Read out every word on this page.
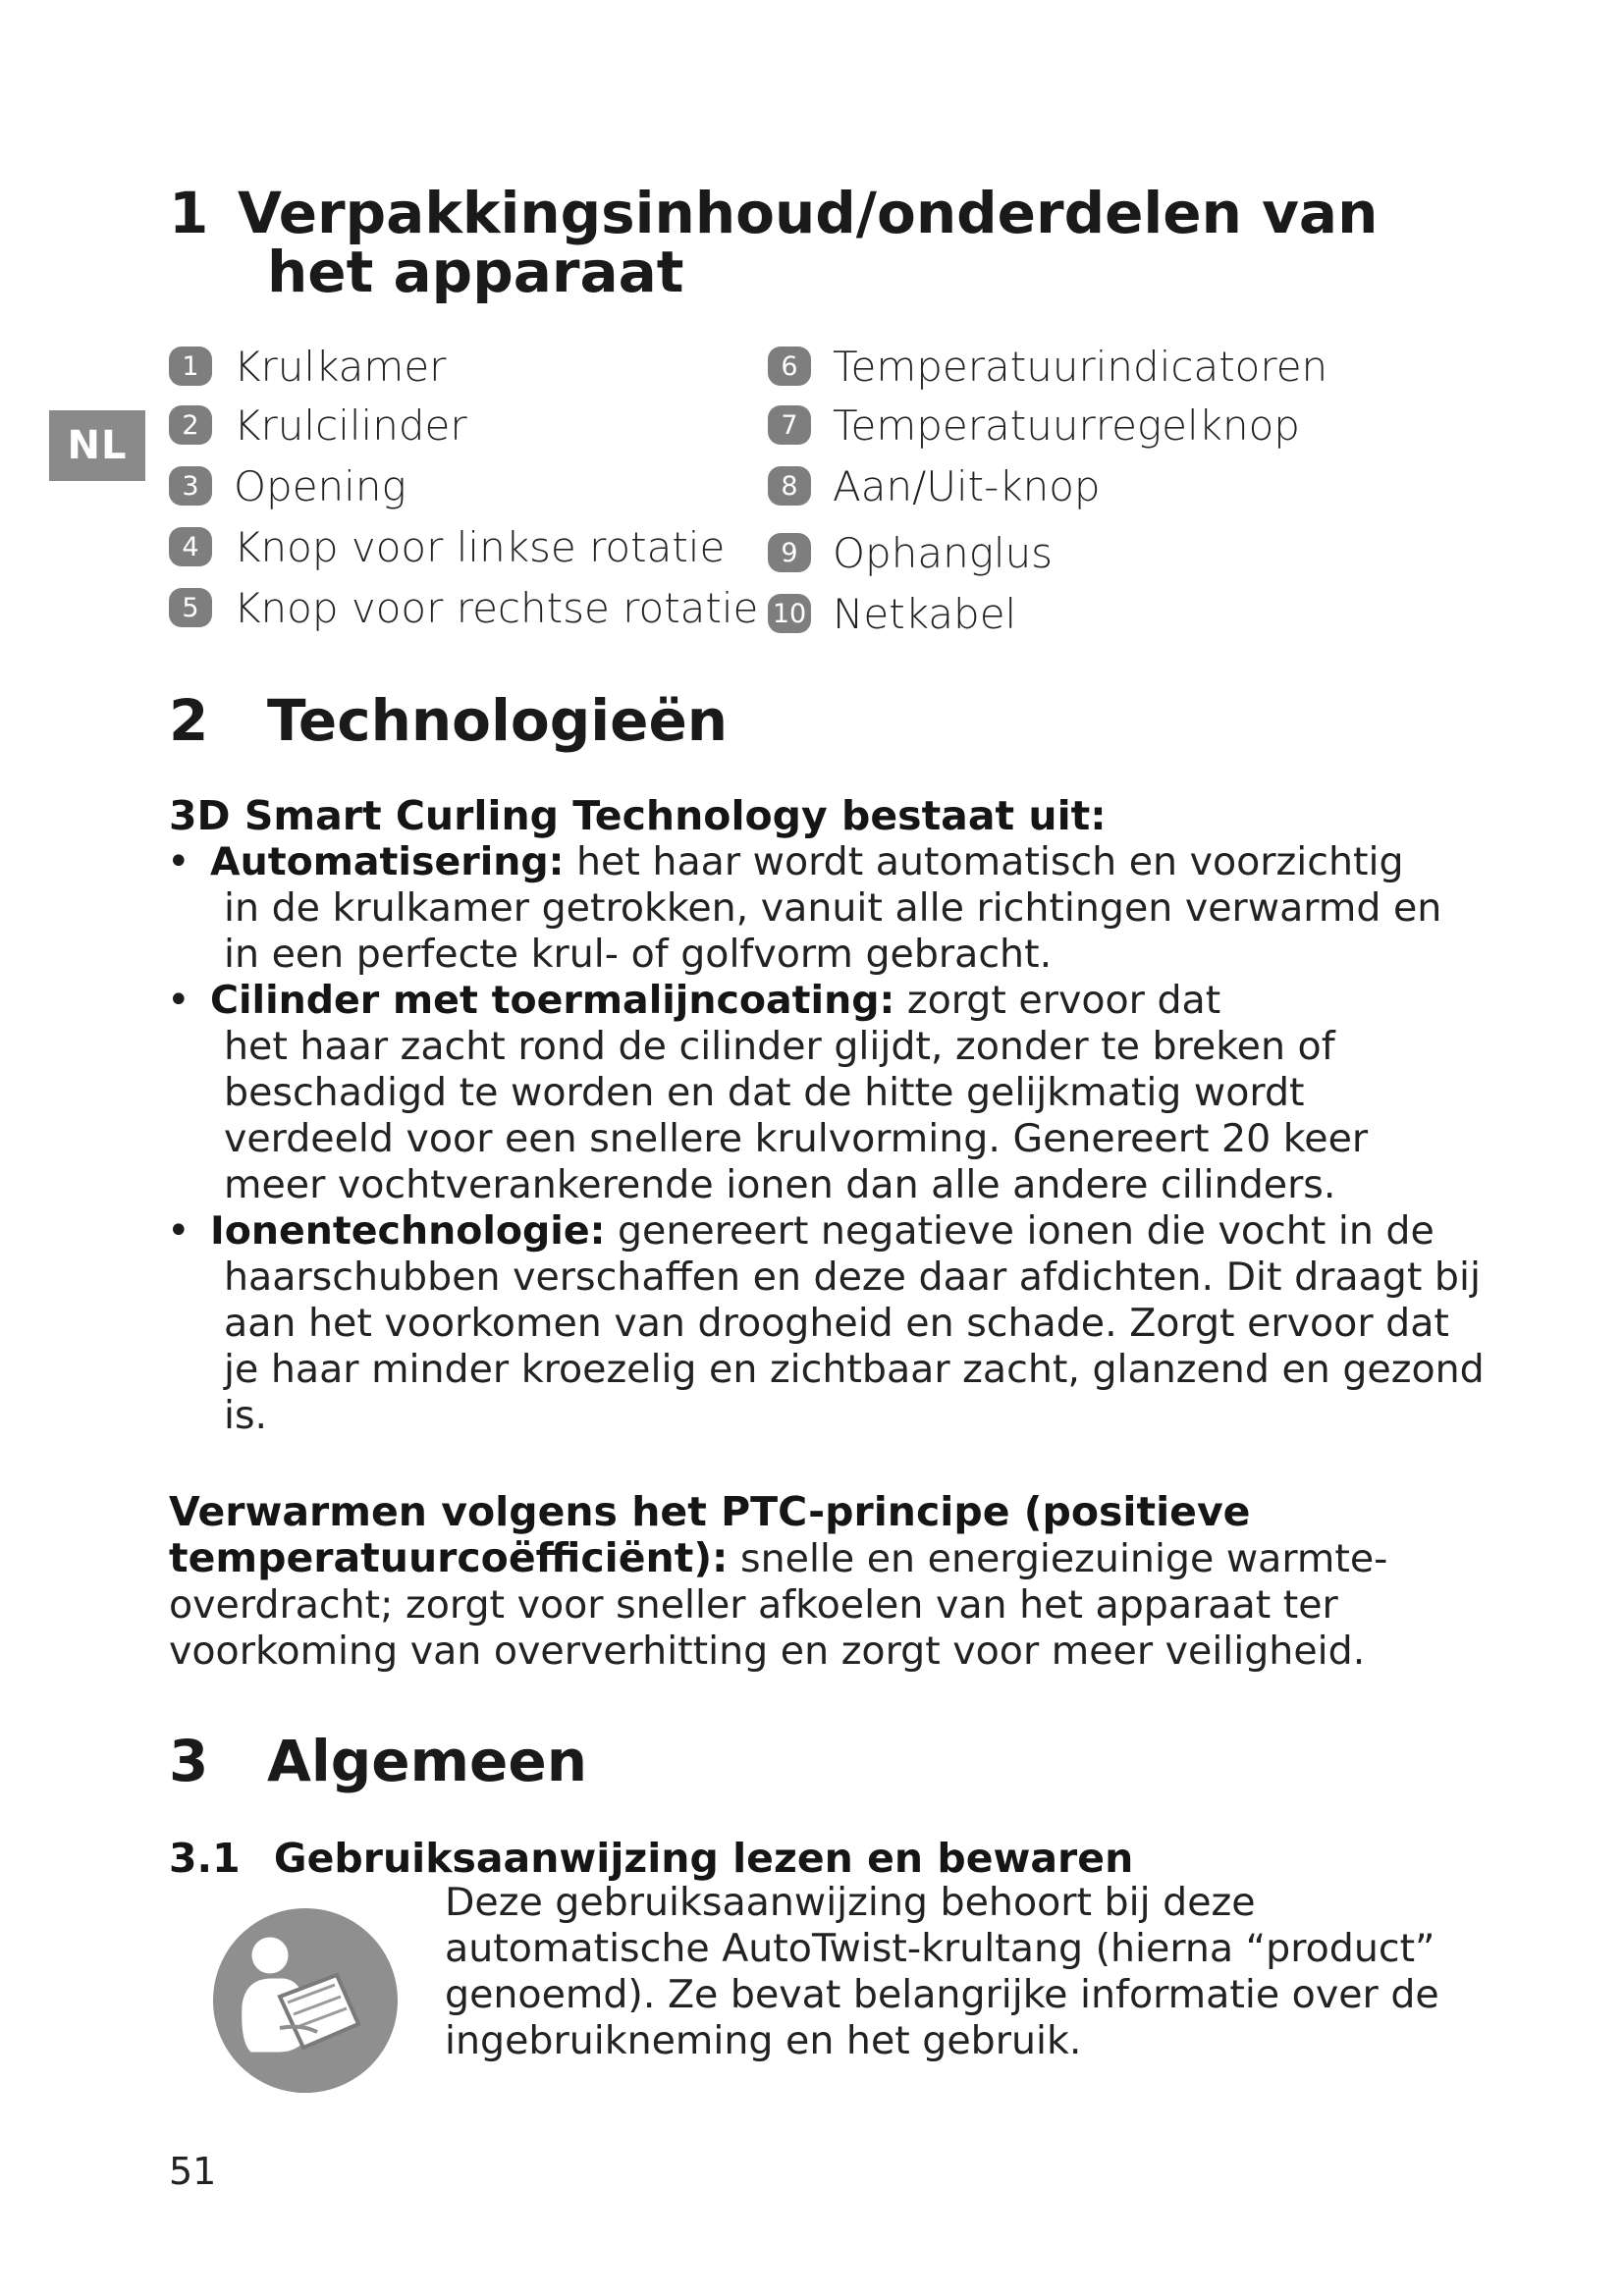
NL
1 Verpakkingsinhoud/onderdelen van
het apparaat
1 Krulkamer
2 Krulcilinder
3 Opening
4 Knop voor linkse rotatie
5 Knop voor rechtse rotatie
6 Temperatuurindicatoren
7 Temperatuurregelknop
8 Aan/Uit-knop
9 Ophanglus
10 Netkabel
2 Technologieën
3D Smart Curling Technology bestaat uit:
• Automatisering: het haar wordt automatisch en voorzichtig
in de krulkamer getrokken, vanuit alle richtingen verwarmd en
in een perfecte krul- of golfvorm gebracht.
• Cilinder met toermalijncoating: zorgt ervoor dat
het haar zacht rond de cilinder glijdt, zonder te breken of
beschadigd te worden en dat de hitte gelijkmatig wordt
verdeeld voor een snellere krulvorming. Genereert 20 keer
meer vochtverankerende ionen dan alle andere cilinders.
• Ionentechnologie: genereert negatieve ionen die vocht in de
haarschubben verschaffen en deze daar afdichten. Dit draagt bij
aan het voorkomen van droogheid en schade. Zorgt ervoor dat
je haar minder kroezelig en zichtbaar zacht, glanzend en gezond
is.
Verwarmen volgens het PTC-principe (positieve
temperatuurcoëfficiënt): snelle en energiezuinige warmte-
overdracht; zorgt voor sneller afkoelen van het apparaat ter
voorkoming van oververhitting en zorgt voor meer veiligheid.
3 Algemeen
3.1 Gebruiksaanwijzing lezen en bewaren
Deze gebruiksaanwijzing behoort bij deze
automatische AutoTwist-krultang (hierna “product”
genoemd). Ze bevat belangrijke informatie over de
ingebruikneming en het gebruik.
51
